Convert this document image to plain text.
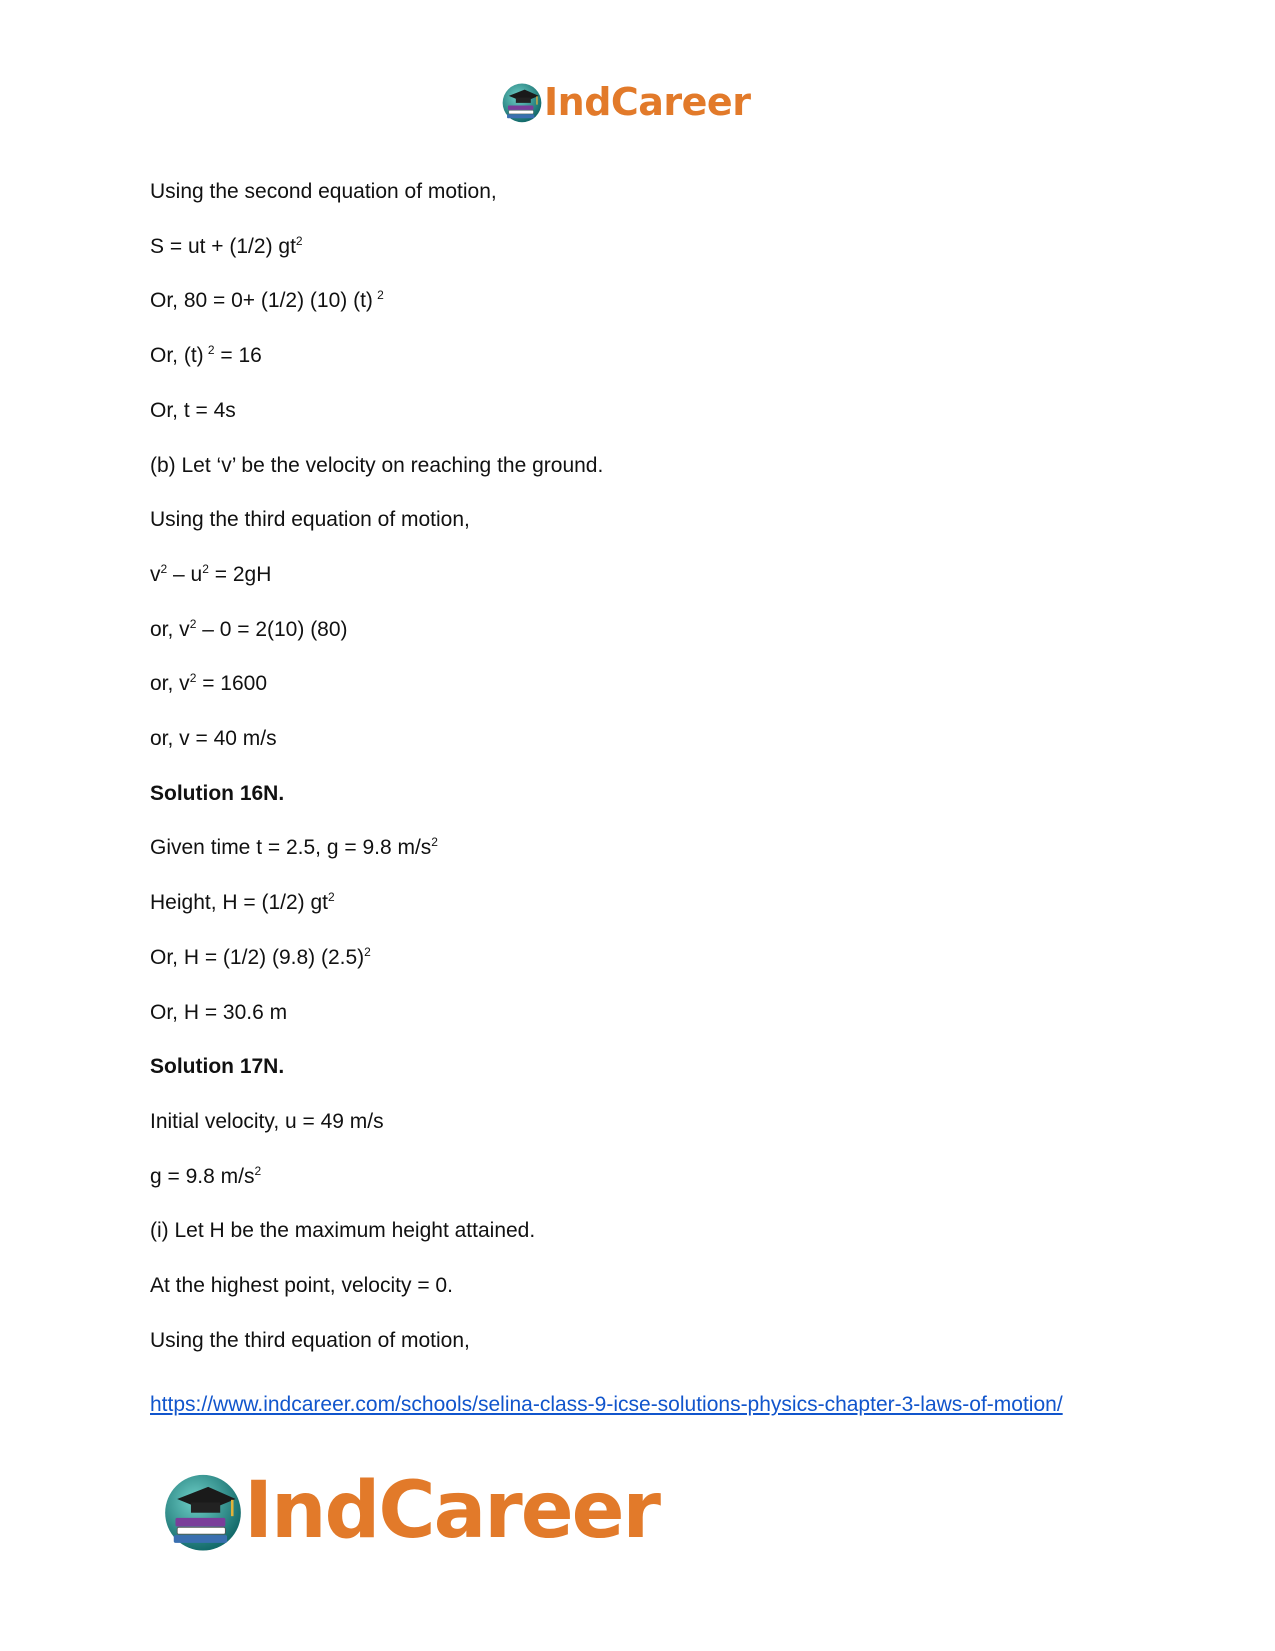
IndCareer
Using the second equation of motion,
S = ut + (1/2) $gt^2$
Or, 80 = 0+ (1/2) (10) (t) $^2$
Or, (t) $^2$ = 16
Or, t = 4s
(b) Let ‘v’ be the velocity on reaching the ground.
Using the third equation of motion,
$v^2 - u^2 = 2gH$
or, $v^2 - 0 = 2(10)$ (80)
or, $v^2 = 1600$
or, v = 40 m/s
Solution 16N.
Given time t = 2.5, g = 9.8 $m/s^2$
Height, H = (1/2) $gt^2$
Or, H = (1/2) (9.8) $(2.5)^2$
Or, H = 30.6 m
Solution 17N.
Initial velocity, u = 49 m/s
g = 9.8 $m/s^2$
(i) Let H be the maximum height attained.
At the highest point, velocity = 0.
Using the third equation of motion,
https://www.indcareer.com/schools/selina-class-9-icse-solutions-physics-chapter-3-laws-of-motion/
IndCareer
